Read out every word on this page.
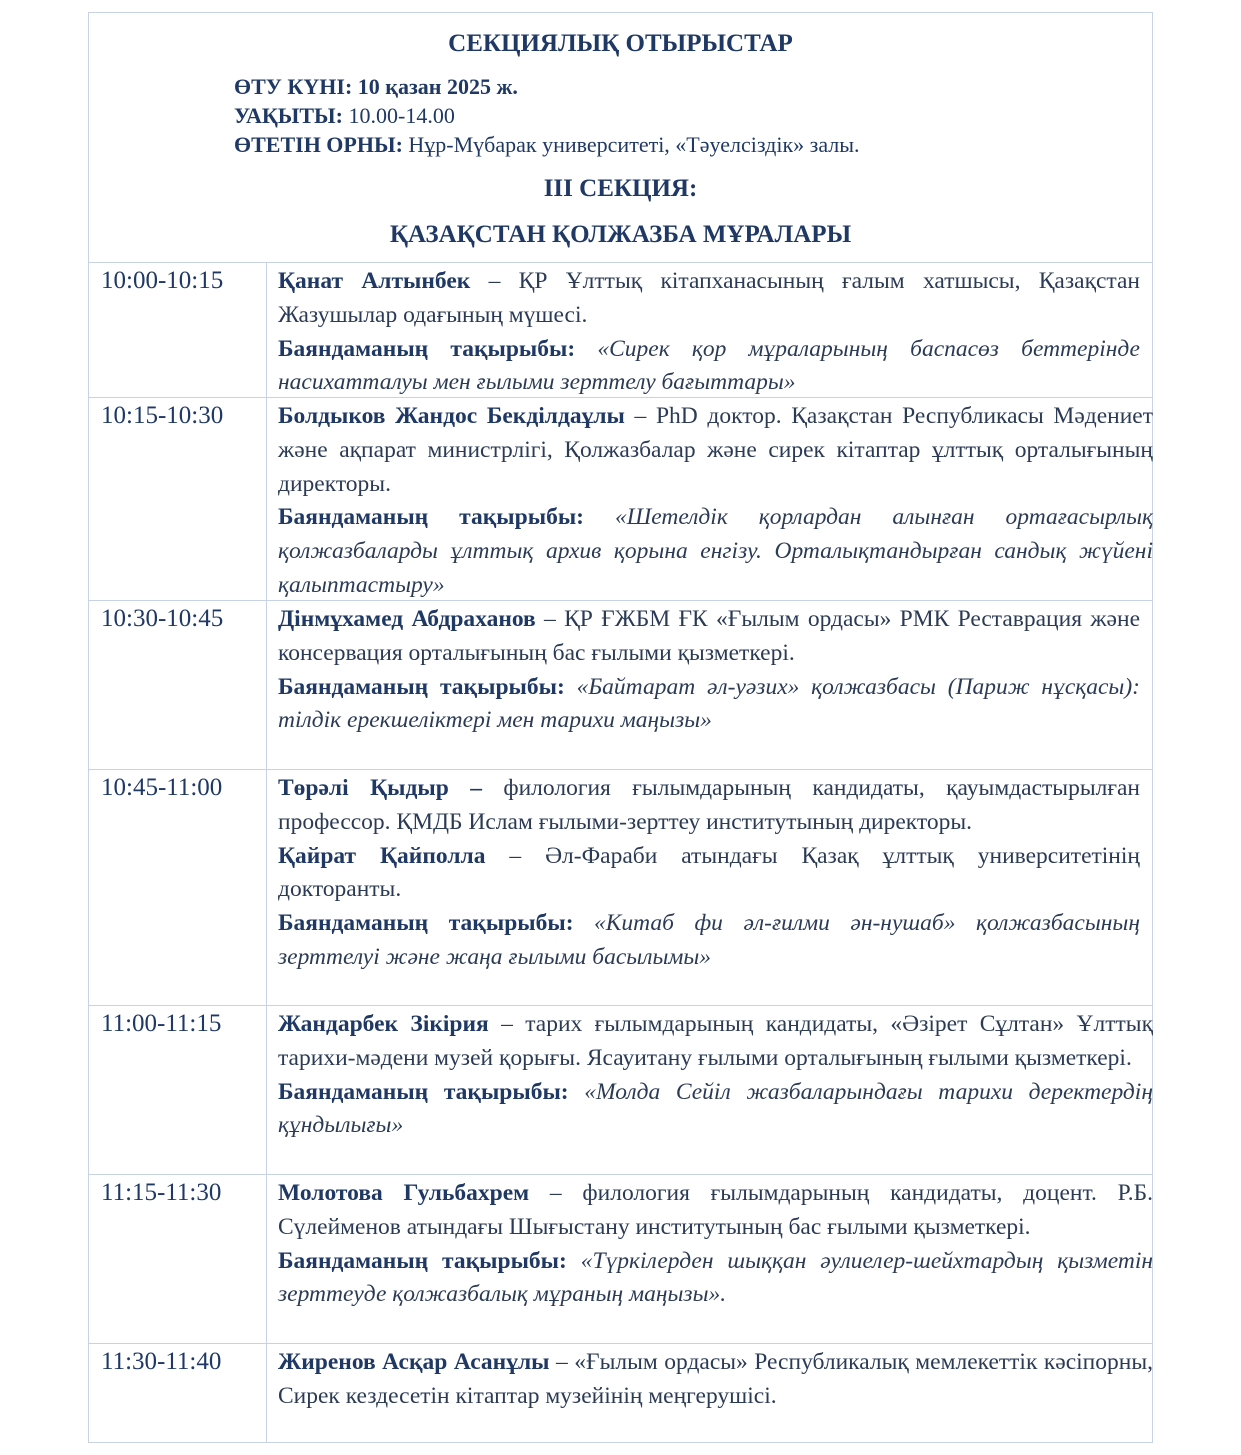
СЕКЦИЯЛЫҚ ОТЫРЫСТАР
ӨТУ КҮНІ: 10 қазан 2025 ж.
УАҚЫТЫ: 10.00-14.00
ӨТЕТІН ОРНЫ: Нұр-Мүбарак университеті, «Тәуелсіздік» залы.
III СЕКЦИЯ:
ҚАЗАҚСТАН ҚОЛЖАЗБА МҰРАЛАРЫ
10:00-10:15	Қанат Алтынбек – ҚР Ұлттық кітапханасының ғалым хатшысы, Қазақстан Жазушылар одағының мүшесі.

Баяндаманың тақырыбы: «Сирек қор мұраларының баспасөз беттерінде насихатталуы мен ғылыми зерттелу бағыттары»

10:15-10:30	Болдыков Жандос Бекділдаұлы – PhD доктор. Қазақстан Республикасы Мәдениет және ақпарат министрлігі, Қолжазбалар және сирек кітаптар ұлттық орталығының директоры.

Баяндаманың тақырыбы: «Шетелдік қорлардан алынған ортағасырлық қолжазбаларды ұлттық архив қорына енгізу. Орталықтандырған сандық жүйені қалыптастыру»

10:30-10:45	Дінмұхамед Абдраханов – ҚР ҒЖБМ ҒК «Ғылым ордасы» РМК Реставрация және консервация орталығының бас ғылыми қызметкері.

Баяндаманың тақырыбы: «Байтарат әл-уәзих» қолжазбасы (Париж нұсқасы): тілдік ерекшеліктері мен тарихи маңызы»

10:45-11:00	Төрәлі Қыдыр – филология ғылымдарының кандидаты, қауымдастырылған профессор. ҚМДБ Ислам ғылыми-зерттеу институтының директоры.

Қайрат Қайполла – Әл-Фараби атындағы Қазақ ұлттық университетінің докторанты.

Баяндаманың тақырыбы: «Китаб фи әл-ғилми ән-нушаб» қолжазбасының зерттелуі және жаңа ғылыми басылымы»

11:00-11:15	Жандарбек Зікірия – тарих ғылымдарының кандидаты, «Әзірет Сұлтан» Ұлттық тарихи-мәдени музей қорығы. Ясауитану ғылыми орталығының ғылыми қызметкері.

Баяндаманың тақырыбы: «Молда Сейіл жазбаларындағы тарихи деректердің құндылығы»

11:15-11:30	Молотова Гульбахрем – филология ғылымдарының кандидаты, доцент. Р.Б. Сүлейменов атындағы Шығыстану институтының бас ғылыми қызметкері.

Баяндаманың тақырыбы: «Түркілерден шыққан әулиелер-шейхтардың қызметін зерттеуде қолжазбалық мұраның маңызы».

11:30-11:40	Жиренов Асқар Асанұлы – «Ғылым ордасы» Республикалық мемлекеттік кәсіпорны, Сирек кездесетін кітаптар музейінің меңгерушісі.
